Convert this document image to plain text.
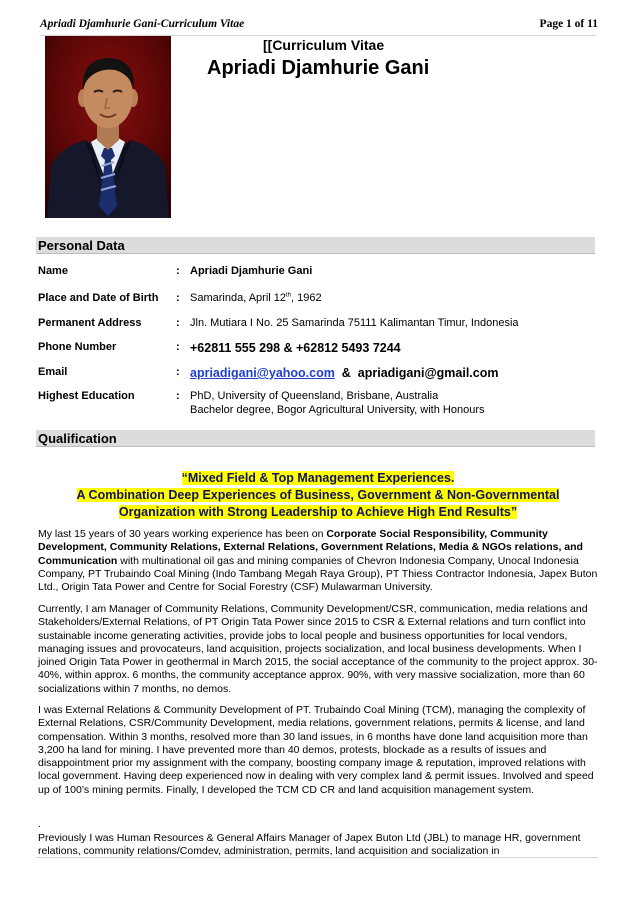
Apriadi Djamhurie Gani-Curriculum Vitae	Page 1 of 11
[[Curriculum Vitae
Apriadi Djamhurie Gani
Personal Data
Name	: Apriadi Djamhurie Gani
Place and Date of Birth : Samarinda, April 12th, 1962
Permanent Address	: Jln. Mutiara I No. 25 Samarinda 75111 Kalimantan Timur, Indonesia
Phone Number	: +62811 555 298 & +62812 5493 7244
Email	: apriadigani@yahoo.com  &  apriadigani@gmail.com
Highest Education	: PhD, University of Queensland, Brisbane, Australia
Bachelor degree, Bogor Agricultural University, with Honours
Qualification
“Mixed Field & Top Management Experiences.
A Combination Deep Experiences of Business, Government & Non-Governmental
Organization with Strong Leadership to Achieve High End Results”

My last 15 years of 30 years working experience has been on Corporate Social Responsibility, Community Development, Community Relations, External Relations, Government Relations, Media & NGOs relations, and Communication with multinational oil gas and mining companies of Chevron Indonesia Company, Unocal Indonesia Company, PT Trubaindo Coal Mining (Indo Tambang Megah Raya Group), PT Thiess Contractor Indonesia, Japex Buton Ltd., Origin Tata Power and Centre for Social Forestry (CSF) Mulawarman University.

Currently, I am Manager of Community Relations, Community Development/CSR, communication, media relations and Stakeholders/External Relations, of PT Origin Tata Power since 2015 to CSR & External relations and turn conflict into sustainable income generating activities, provide jobs to local people and business opportunities for local vendors, managing issues and provocateurs, land acquisition, projects socialization, and local business developments. When I joined Origin Tata Power in geothermal in March 2015, the social acceptance of the community to the project approx. 30-40%, within approx. 6 months, the community acceptance approx. 90%, with very massive socialization, more than 60 socializations within 7 months, no demos.

I was External Relations & Community Development of PT. Trubaindo Coal Mining (TCM), managing the complexity of External Relations, CSR/Community Development, media relations, government relations, permits & license, and land compensation. Within 3 months, resolved more than 30 land issues, in 6 months have done land acquisition more than 3,200 ha land for mining. I have prevented more than 40 demos, protests, blockade as a results of issues and disappointment prior my assignment with the company, boosting company image & reputation, improved relations with local government. Having deep experienced now in dealing with very complex land & permit issues. Involved and speed up of 100’s mining permits. Finally, I developed the TCM CD CR and land acquisition management system.

.

Previously I was Human Resources & General Affairs Manager of Japex Buton Ltd (JBL) to manage HR, government relations, community relations/Comdev, administration, permits, land acquisition and socialization in
